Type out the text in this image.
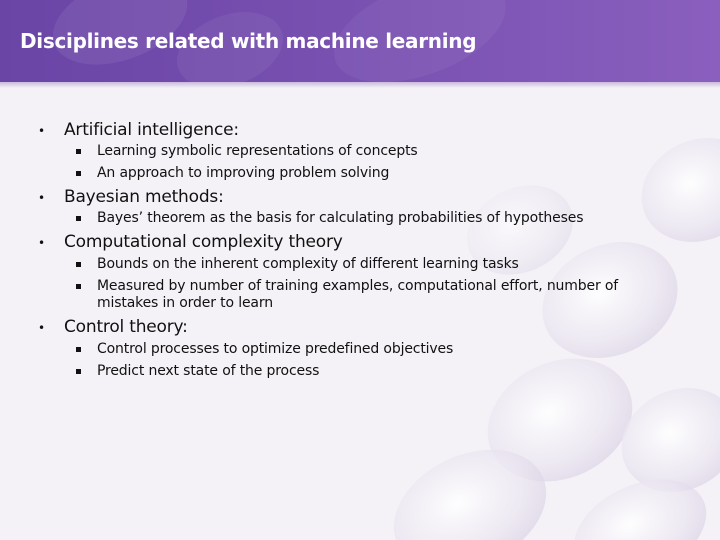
Disciplines related with machine learning
• Artificial intelligence:
Learning symbolic representations of concepts
An approach to improving problem solving
• Bayesian methods:
Bayes’ theorem as the basis for calculating probabilities of hypotheses
• Computational complexity theory
Bounds on the inherent complexity of different learning tasks
Measured by number of training examples, computational effort, number of mistakes in order to learn
• Control theory:
Control processes to optimize predefined objectives
Predict next state of the process
